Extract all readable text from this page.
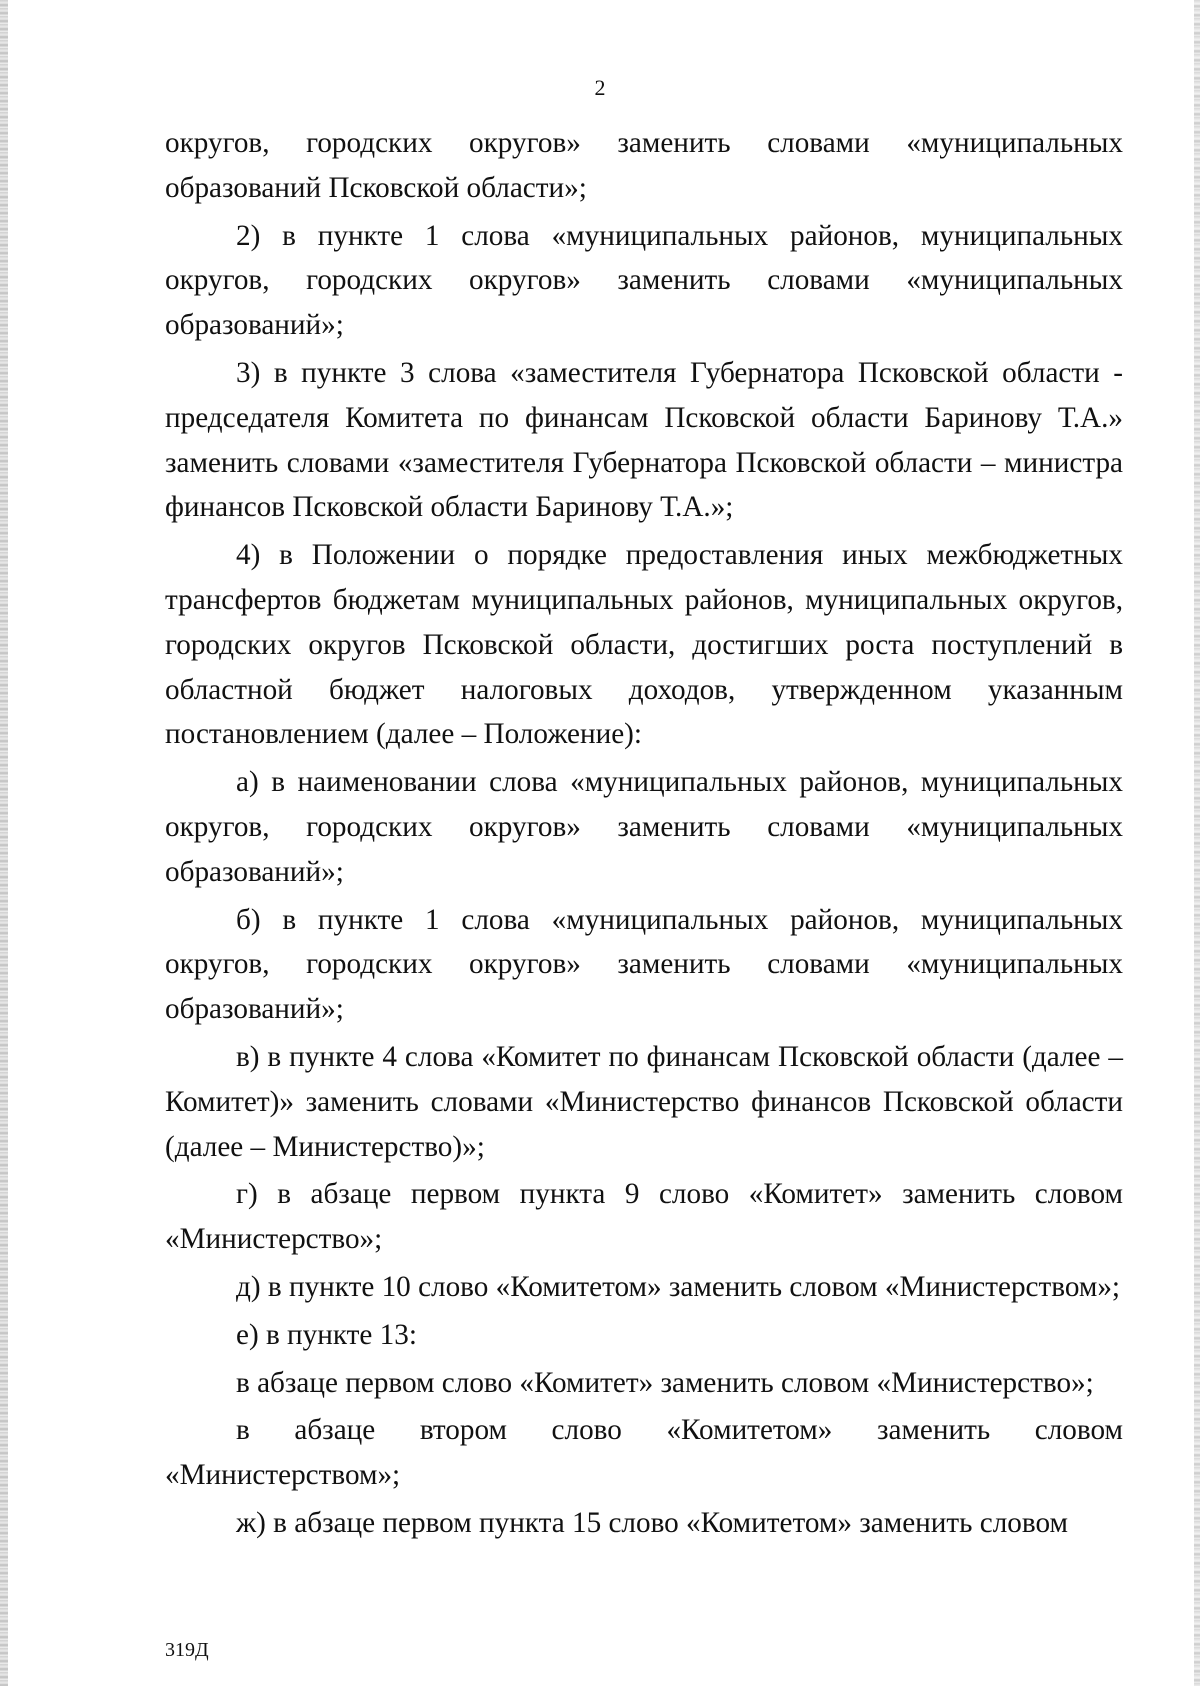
2

округов, городских округов» заменить словами «муниципальных образований Псковской области»;

2) в пункте 1 слова «муниципальных районов, муниципальных округов, городских округов» заменить словами «муниципальных образований»;

3) в пункте 3 слова «заместителя Губернатора Псковской области - председателя Комитета по финансам Псковской области Баринову Т.А.» заменить словами «заместителя Губернатора Псковской области – министра финансов Псковской области Баринову Т.А.»;

4) в Положении о порядке предоставления иных межбюджетных трансфертов бюджетам муниципальных районов, муниципальных округов, городских округов Псковской области, достигших роста поступлений в областной бюджет налоговых доходов, утвержденном указанным постановлением (далее – Положение):

а) в наименовании слова «муниципальных районов, муниципальных округов, городских округов» заменить словами «муниципальных образований»;

б) в пункте 1 слова «муниципальных районов, муниципальных округов, городских округов» заменить словами «муниципальных образований»;

в) в пункте 4 слова «Комитет по финансам Псковской области (далее – Комитет)» заменить словами «Министерство финансов Псковской области (далее – Министерство)»;

г) в абзаце первом пункта 9 слово «Комитет» заменить словом «Министерство»;

д) в пункте 10 слово «Комитетом» заменить словом «Министерством»;

е) в пункте 13:

в абзаце первом слово «Комитет» заменить словом «Министерство»;

в абзаце втором слово «Комитетом» заменить словом «Министерством»;

ж) в абзаце первом пункта 15 слово «Комитетом» заменить словом

319Д
